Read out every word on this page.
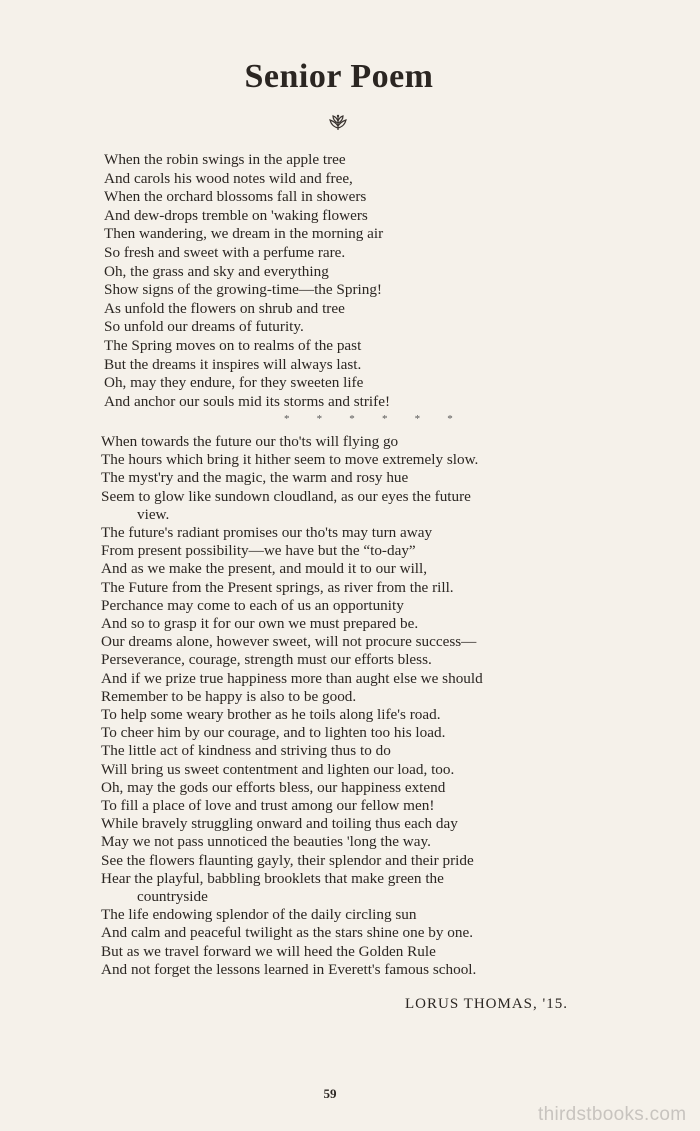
Senior Poem
When the robin swings in the apple tree
And carols his wood notes wild and free,
When the orchard blossoms fall in showers
And dew-drops tremble on 'waking flowers
Then wandering, we dream in the morning air
So fresh and sweet with a perfume rare.
Oh, the grass and sky and everything
Show signs of the growing-time—the Spring!
As unfold the flowers on shrub and tree
So unfold our dreams of futurity.
The Spring moves on to realms of the past
But the dreams it inspires will always last.
Oh, may they endure, for they sweeten life
And anchor our souls mid its storms and strife!
* * * * * *
When towards the future our tho'ts will flying go
The hours which bring it hither seem to move extremely slow.
The myst'ry and the magic, the warm and rosy hue
Seem to glow like sundown cloudland, as our eyes the future
view.
The future's radiant promises our tho'ts may turn away
From present possibility—we have but the “to-day”
And as we make the present, and mould it to our will,
The Future from the Present springs, as river from the rill.
Perchance may come to each of us an opportunity
And so to grasp it for our own we must prepared be.
Our dreams alone, however sweet, will not procure success—
Perseverance, courage, strength must our efforts bless.
And if we prize true happiness more than aught else we should
Remember to be happy is also to be good.
To help some weary brother as he toils along life's road.
To cheer him by our courage, and to lighten too his load.
The little act of kindness and striving thus to do
Will bring us sweet contentment and lighten our load, too.
Oh, may the gods our efforts bless, our happiness extend
To fill a place of love and trust among our fellow men!
While bravely struggling onward and toiling thus each day
May we not pass unnoticed the beauties 'long the way.
See the flowers flaunting gayly, their splendor and their pride
Hear the playful, babbling brooklets that make green the
countryside
The life endowing splendor of the daily circling sun
And calm and peaceful twilight as the stars shine one by one.
But as we travel forward we will heed the Golden Rule
And not forget the lessons learned in Everett's famous school.
LORUS THOMAS, '15.
59
thirdstbooks.com
